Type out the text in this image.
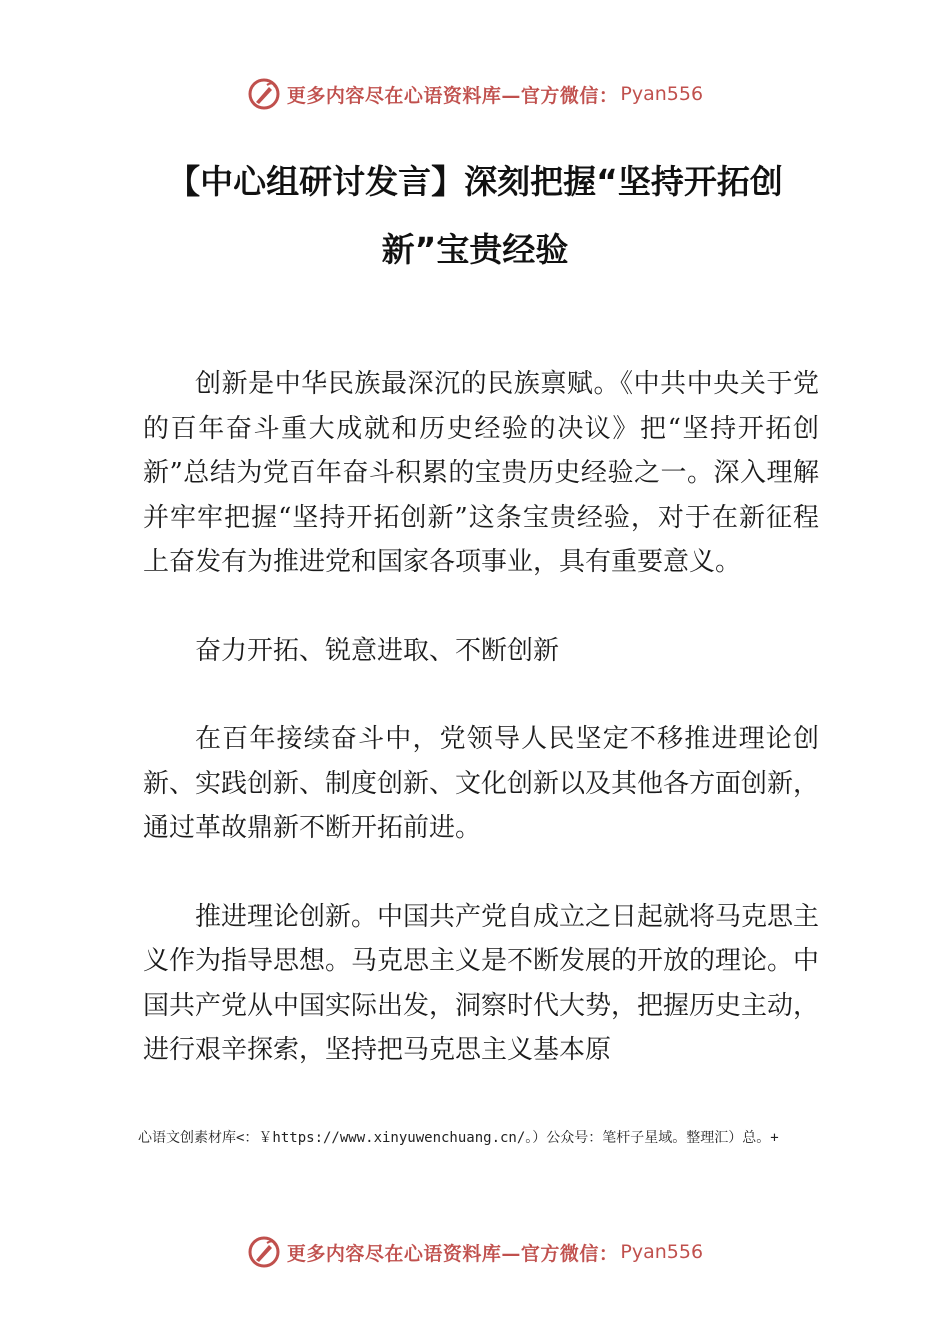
更多内容尽在心语资料库—官方微信： Pyan556
【中心组研讨发言】深刻把握“坚持开拓创新”宝贵经验

创新是中华民族最深沉的民族禀赋。《中共中央关于党的百年奋斗重大成就和历史经验的决议》把“坚持开拓创新”总结为党百年奋斗积累的宝贵历史经验之一。深入理解并牢牢把握“坚持开拓创新”这条宝贵经验，对于在新征程上奋发有为推进党和国家各项事业，具有重要意义。

奋力开拓、锐意进取、不断创新

在百年接续奋斗中，党领导人民坚定不移推进理论创新、实践创新、制度创新、文化创新以及其他各方面创新，通过革故鼎新不断开拓前进。

推进理论创新。中国共产党自成立之日起就将马克思主义作为指导思想。马克思主义是不断发展的开放的理论。中国共产党从中国实际出发，洞察时代大势，把握历史主动，进行艰辛探索，坚持把马克思主义基本原

心语文创素材库<：￥https://www.xinyuwenchuang.cn/。）公众号：笔杆子星域。整理汇）总。+
更多内容尽在心语资料库—官方微信： Pyan556
